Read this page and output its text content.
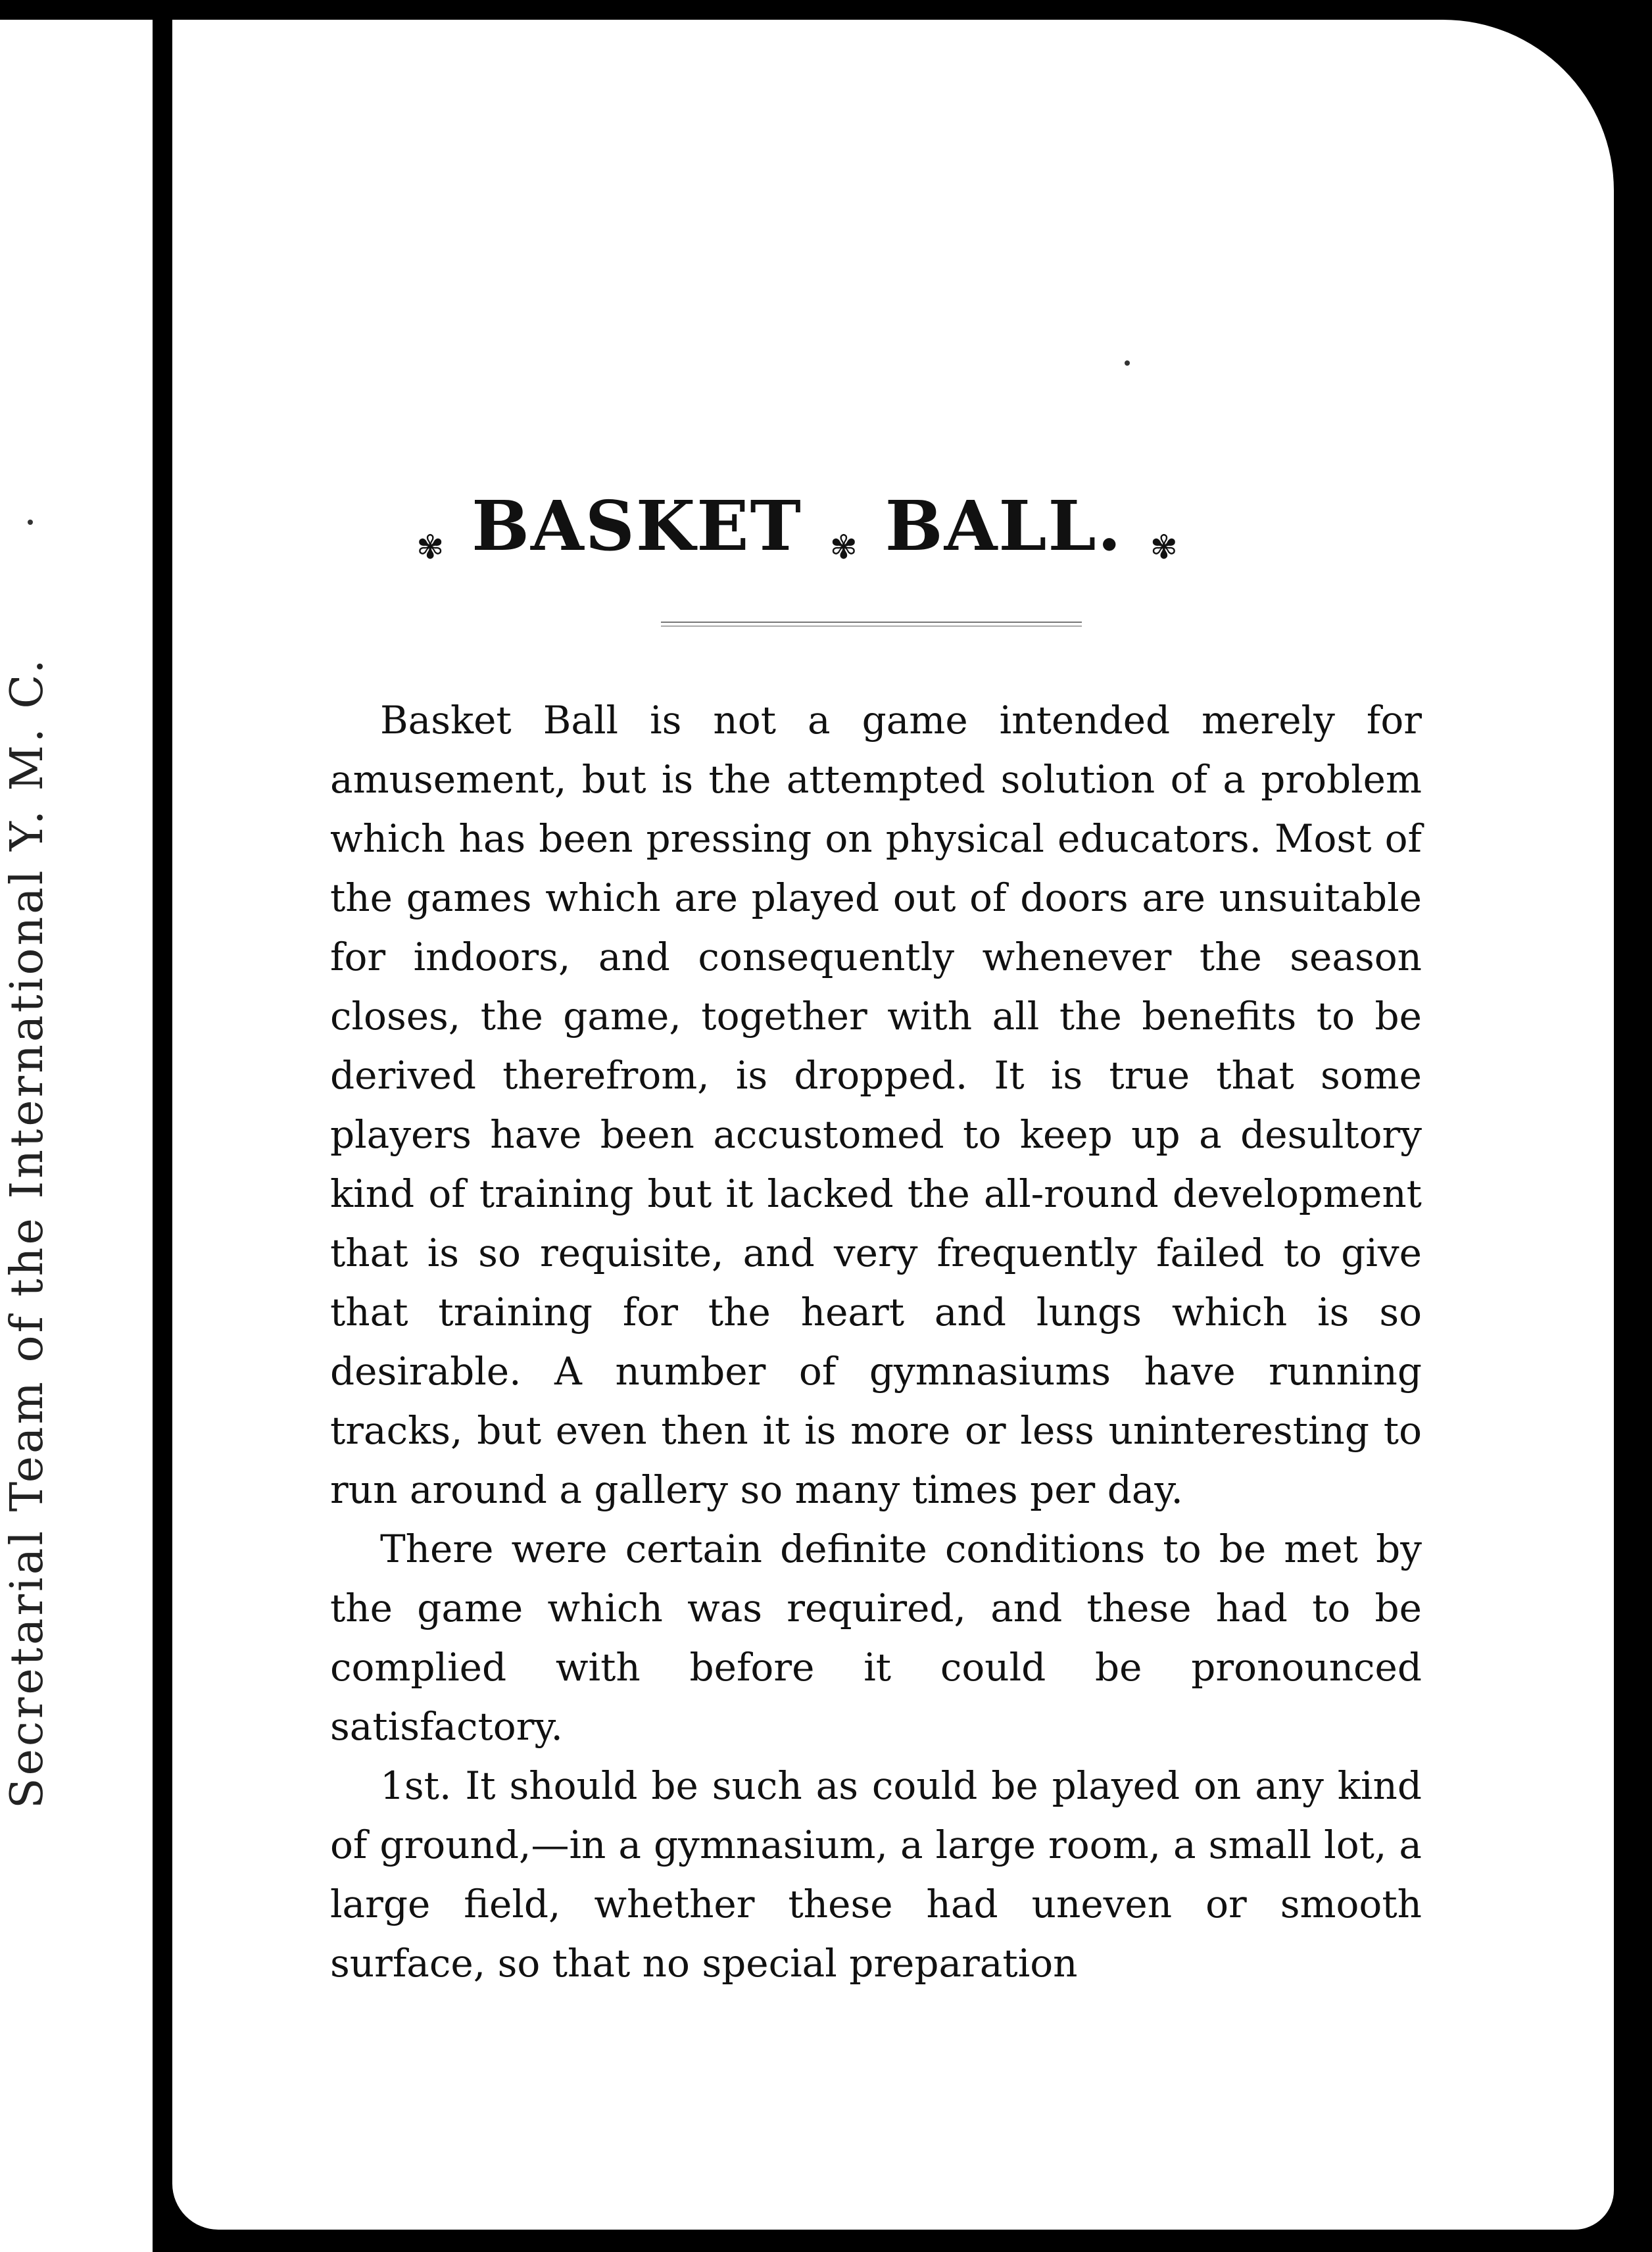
Secretarial Team of the International Y. M. C.
✾ BASKET ✾ BALL. ✾

Basket Ball is not a game intended merely for amusement, but is the attempted solution of a problem which has been pressing on physical educators. Most of the games which are played out of doors are unsuitable for indoors, and consequently whenever the season closes, the game, together with all the benefits to be derived therefrom, is dropped. It is true that some players have been accustomed to keep up a desultory kind of training but it lacked the all-round development that is so requisite, and very frequently failed to give that training for the heart and lungs which is so desirable. A number of gymnasiums have running tracks, but even then it is more or less uninteresting to run around a gallery so many times per day.

There were certain definite conditions to be met by the game which was required, and these had to be complied with before it could be pronounced satisfactory.

1st. It should be such as could be played on any kind of ground,—in a gymnasium, a large room, a small lot, a large field, whether these had uneven or smooth surface, so that no special preparation
